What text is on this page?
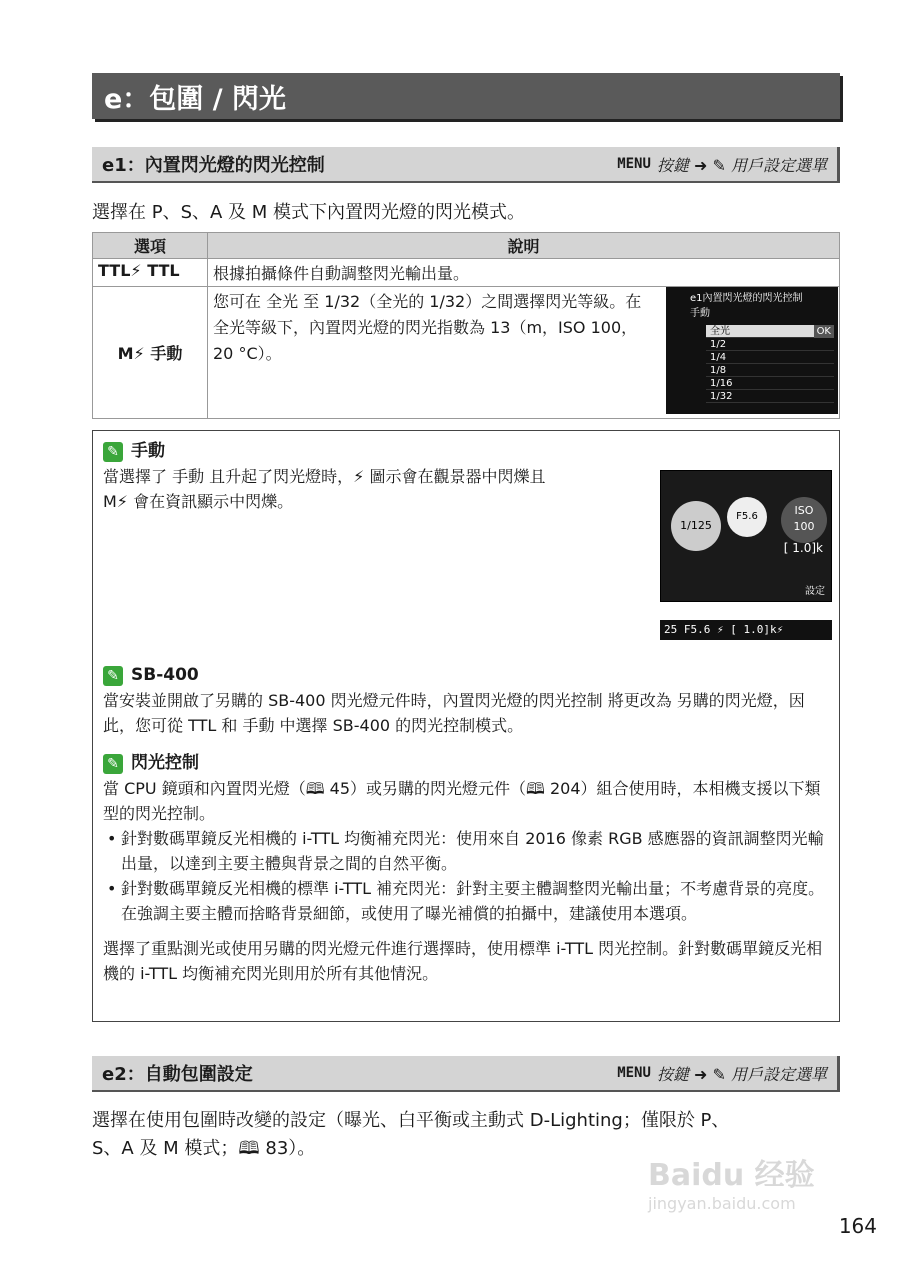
e：包圍 / 閃光
e1：內置閃光燈的閃光控制	MENU 按鍵 ➜ ✎ 用戶設定選單
選擇在 P、S、A 及 M 模式下內置閃光燈的閃光模式。
選項	說明
TTL⚡ TTL	根據拍攝條件自動調整閃光輸出量。
M⚡ 手動	您可在 全光 至 1/32（全光的 1/32）之間選擇閃光等級。在全光等級下，內置閃光燈的閃光指數為 13（m，ISO 100，20 °C）。
e1內置閃光燈的閃光控制
手動
全光	OK
1/2
1/4
1/8
1/16
1/32
✎ 手動
當選擇了 手動 且升起了閃光燈時，⚡ 圖示會在觀景器中閃爍且
M⚡ 會在資訊顯示中閃爍。
✎ SB-400
當安裝並開啟了另購的 SB-400 閃光燈元件時，內置閃光燈的閃光控制 將更改為 另購的閃光燈，因此，您可從 TTL 和 手動 中選擇 SB-400 的閃光控制模式。
✎ 閃光控制
當 CPU 鏡頭和內置閃光燈（🕮 45）或另購的閃光燈元件（🕮 204）組合使用時，本相機支援以下類型的閃光控制。
• 針對數碼單鏡反光相機的 i-TTL 均衡補充閃光：使用來自 2016 像素 RGB 感應器的資訊調整閃光輸出量，以達到主要主體與背景之間的自然平衡。
• 針對數碼單鏡反光相機的標準 i-TTL 補充閃光：針對主要主體調整閃光輸出量；不考慮背景的亮度。在強調主要主體而捨略背景細節，或使用了曝光補償的拍攝中，建議使用本選項。
選擇了重點測光或使用另購的閃光燈元件進行選擇時，使用標準 i-TTL 閃光控制。針對數碼單鏡反光相機的 i-TTL 均衡補充閃光則用於所有其他情況。
1/125
F5.6	ISO
100
[ 1.0]k
設定
25 F5.6 ⚡ [ 1.0]k⚡
e2：自動包圍設定	MENU 按鍵 ➜ ✎ 用戶設定選單
選擇在使用包圍時改變的設定（曝光、白平衡或主動式 D-Lighting；僅限於 P、
S、A 及 M 模式；🕮 83）。
Baidu 经验
jingyan.baidu.com
164
